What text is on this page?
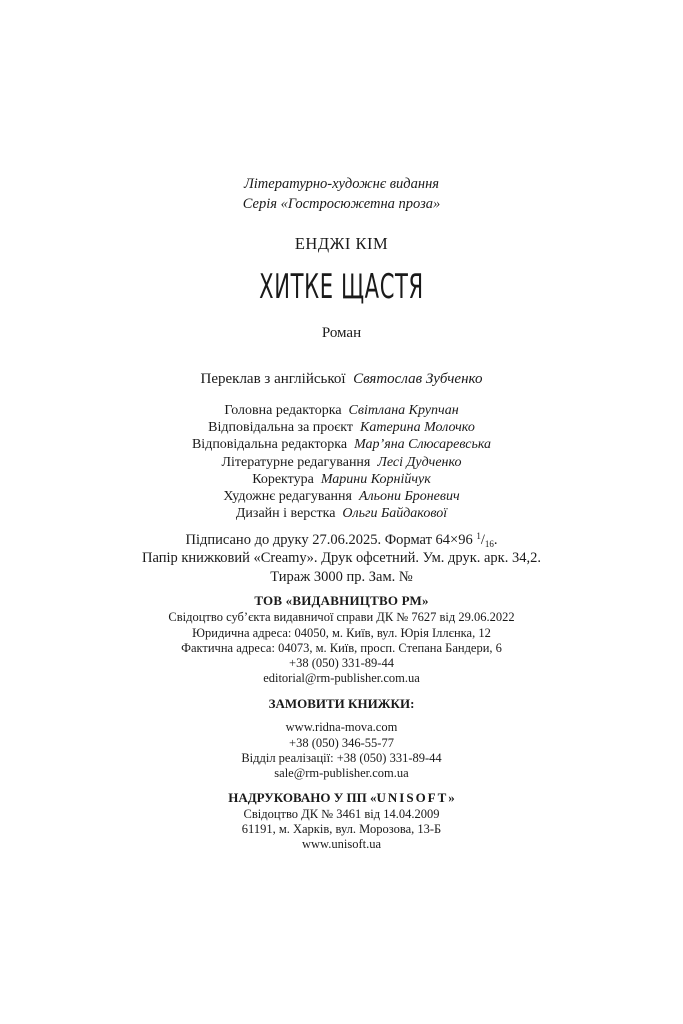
Літературно-художнє видання
Серія «Гостросюжетна проза»
ЕНДЖІ КІМ
ХИТКЕ ЩАСТЯ
Роман
Переклав з англійської Святослав Зубченко
Головна редакторка Світлана Крупчан
Відповідальна за проєкт Катерина Молочко
Відповідальна редакторка Мар’яна Слюсаревська
Літературне редагування Лесі Дудченко
Коректура Марини Корнійчук
Художнє редагування Альони Броневич
Дизайн і верстка Ольги Байдакової
Підписано до друку 27.06.2025. Формат 64×96 $^1/_{16}$.
Папір книжковий «Creamy». Друк офсетний. Ум. друк. арк. 34,2.
Тираж 3000 пр. Зам. №
ТОВ «ВИДАВНИЦТВО РМ»
Свідоцтво суб’єкта видавничої справи ДК № 7627 від 29.06.2022
Юридична адреса: 04050, м. Київ, вул. Юрія Іллєнка, 12
Фактична адреса: 04073, м. Київ, просп. Степана Бандери, 6
+38 (050) 331-89-44
editorial@rm-publisher.com.ua
ЗАМОВИТИ КНИЖКИ:
www.ridna-mova.com
+38 (050) 346-55-77
Відділ реалізації: +38 (050) 331-89-44
sale@rm-publisher.com.ua
НАДРУКОВАНО У ПП «UNISOFT»
Свідоцтво ДК № 3461 від 14.04.2009
61191, м. Харків, вул. Морозова, 13-Б
www.unisoft.ua
